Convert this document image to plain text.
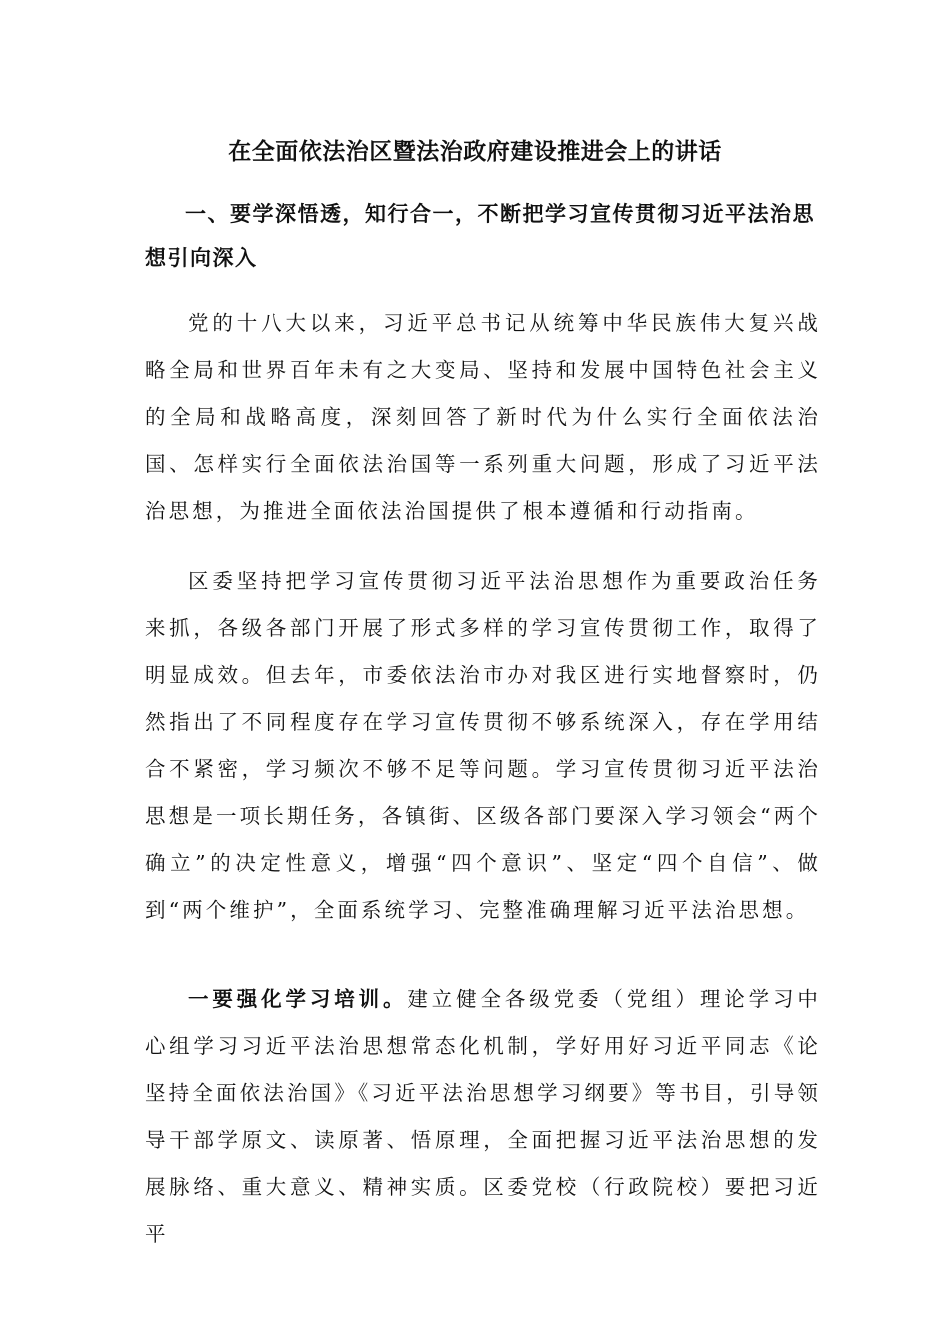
在全面依法治区暨法治政府建设推进会上的讲话
一、要学深悟透，知行合一，不断把学习宣传贯彻习近平法治思想引向深入

党的十八大以来，习近平总书记从统筹中华民族伟大复兴战略全局和世界百年未有之大变局、坚持和发展中国特色社会主义的全局和战略高度，深刻回答了新时代为什么实行全面依法治国、怎样实行全面依法治国等一系列重大问题，形成了习近平法治思想，为推进全面依法治国提供了根本遵循和行动指南。

区委坚持把学习宣传贯彻习近平法治思想作为重要政治任务来抓，各级各部门开展了形式多样的学习宣传贯彻工作，取得了明显成效。但去年，市委依法治市办对我区进行实地督察时，仍然指出了不同程度存在学习宣传贯彻不够系统深入，存在学用结合不紧密，学习频次不够不足等问题。学习宣传贯彻习近平法治思想是一项长期任务，各镇街、区级各部门要深入学习领会“两个确立”的决定性意义，增强“四个意识”、坚定“四个自信”、做到“两个维护”，全面系统学习、完整准确理解习近平法治思想。

一要强化学习培训。建立健全各级党委（党组）理论学习中心组学习习近平法治思想常态化机制，学好用好习近平同志《论坚持全面依法治国》《习近平法治思想学习纲要》等书目，引导领导干部学原文、读原著、悟原理，全面把握习近平法治思想的发展脉络、重大意义、精神实质。区委党校（行政院校）要把习近平
